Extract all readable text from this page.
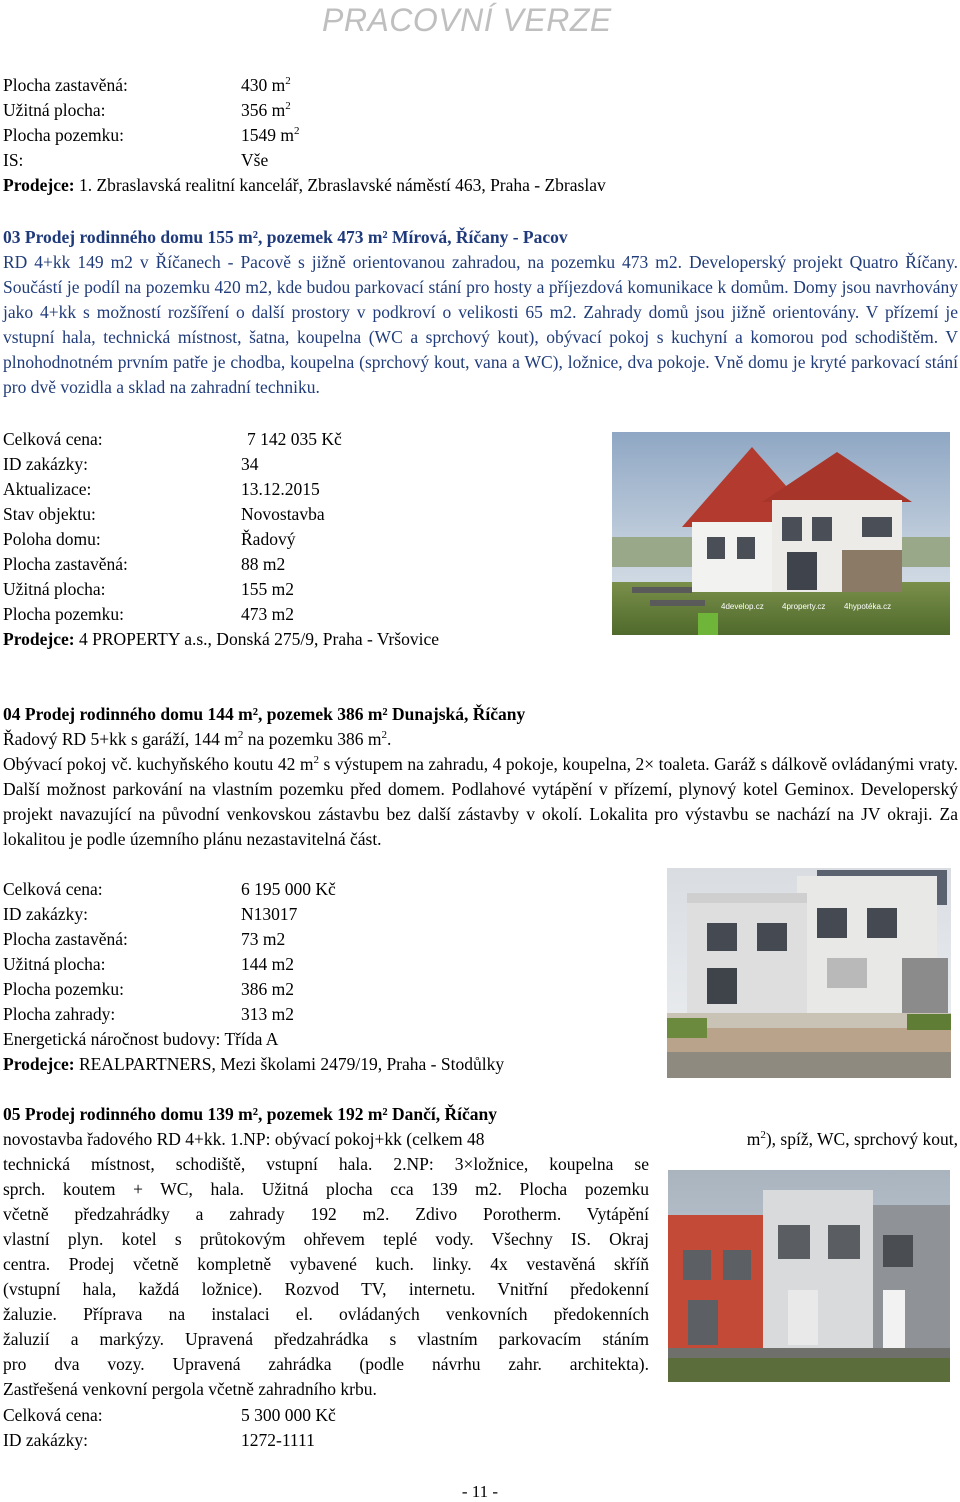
PRACOVNÍ VERZE
Plocha zastavěná:	430 $m^2$
Užitná plocha:	356 $m^2$
Plocha pozemku:	1549 $m^2$
IS:	Vše
Prodejce: 1. Zbraslavská realitní kancelář, Zbraslavské náměstí 463, Praha - Zbraslav
03 Prodej rodinného domu 155 m², pozemek 473 m² Mírová, Říčany - Pacov
RD 4+kk 149 m2 v Říčanech - Pacově s jižně orientovanou zahradou, na pozemku 473 m2. Developerský projekt Quatro Říčany. Součástí je podíl na pozemku 420 m2, kde budou parkovací stání pro hosty a příjezdová komunikace k domům. Domy jsou navrhovány jako 4+kk s možností rozšíření o další prostory v podkroví o velikosti 65 m2. Zahrady domů jsou jižně orientovány. V přízemí je vstupní hala, technická místnost, šatna, koupelna (WC a sprchový kout), obývací pokoj s kuchyní a komorou pod schodištěm. V plnohodnotném prvním patře je chodba, koupelna (sprchový kout, vana a WC), ložnice, dva pokoje. Vně domu je kryté parkovací stání pro dvě vozidla a sklad na zahradní techniku.
Celková cena:	7 142 035 Kč
ID zakázky:	34
Aktualizace:	13.12.2015
Stav objektu:	Novostavba
Poloha domu:	Řadový
Plocha zastavěná:	88 m2
Užitná plocha:	155 m2
Plocha pozemku:	473 m2
Prodejce: 4 PROPERTY a.s., Donská 275/9, Praha - Vršovice
4develop.cz 4property.cz 4hypotéka.cz
04 Prodej rodinného domu 144 m², pozemek 386 m² Dunajská, Říčany
Řadový RD 5+kk s garáží, 144 $m^2$ na pozemku 386 $m^2$.
Obývací pokoj vč. kuchyňského koutu 42 $m^2$ s výstupem na zahradu, 4 pokoje, koupelna, 2× toaleta. Garáž s dálkově ovládanými vraty. Další možnost parkování na vlastním pozemku před domem. Podlahové vytápění v přízemí, plynový kotel Geminox. Developerský projekt navazující na původní venkovskou zástavbu bez další zástavby v okolí. Lokalita pro výstavbu se nachází na JV okraji. Za lokalitou je podle územního plánu nezastavitelná část.
Celková cena:	6 195 000 Kč
ID zakázky:	N13017
Plocha zastavěná:	73 m2
Užitná plocha:	144 m2
Plocha pozemku:	386 m2
Plocha zahrady:	313 m2
Energetická náročnost budovy: Třída A
Prodejce: REALPARTNERS, Mezi školami 2479/19, Praha - Stodůlky
05 Prodej rodinného domu 139 m², pozemek 192 m² Dančí, Říčany
novostavba řadového RD 4+kk. 1.NP: obývací pokoj+kk (celkem 48	$m^2$), spíž, WC, sprchový kout,
technická místnost, schodiště, vstupní hala. 2.NP: 3×ložnice, koupelna se
sprch. koutem + WC, hala. Užitná plocha cca 139 m2. Plocha pozemku
včetně předzahrádky a zahrady 192 m2. Zdivo Porotherm. Vytápění
vlastní plyn. kotel s průtokovým ohřevem teplé vody. Všechny IS. Okraj
centra. Prodej včetně kompletně vybavené kuch. linky. 4x vestavěná skříň
(vstupní hala, každá ložnice). Rozvod TV, internetu. Vnitřní předokenní
žaluzie. Příprava na instalaci el. ovládaných venkovních předokenních
žaluzií a markýzy. Upravená předzahrádka s vlastním parkovacím stáním
pro dva vozy. Upravená zahrádka (podle návrhu zahr. architekta).
Zastřešená venkovní pergola včetně zahradního krbu.
Celková cena:	5 300 000 Kč
ID zakázky:	1272-1111
- 11 -
